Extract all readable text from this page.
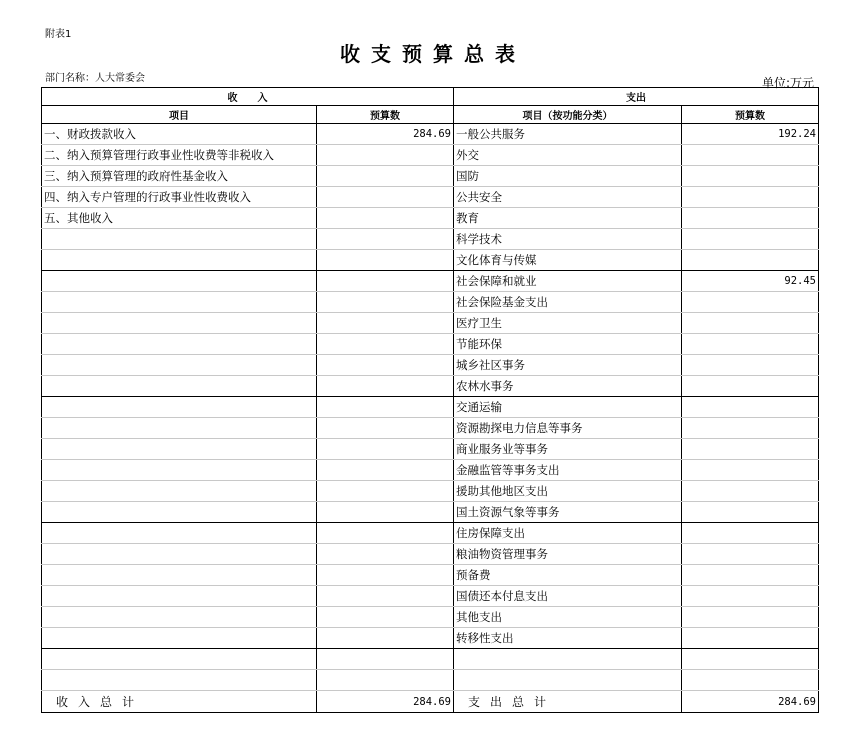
附表1
收支预算总表
部门名称：人大常委会	单位:万元
收　　入		支出	
项目	预算数	项目（按功能分类）	预算数
一、财政拨款收入	284.69	一般公共服务	192.24
二、纳入预算管理行政事业性收费等非税收入		外交	
三、纳入预算管理的政府性基金收入		国防	
四、纳入专户管理的行政事业性收费收入		公共安全	
五、其他收入		教育	
		科学技术	
		文化体育与传媒	
		社会保障和就业	92.45
		社会保险基金支出	
		医疗卫生	
		节能环保	
		城乡社区事务	
		农林水事务	
		交通运输	
		资源勘探电力信息等事务	
		商业服务业等事务	
		金融监管等事务支出	
		援助其他地区支出	
		国土资源气象等事务	
		住房保障支出	
		粮油物资管理事务	
		预备费	
		国债还本付息支出	
		其他支出	
		转移性支出	

收入总计	284.69	支出总计	284.69
